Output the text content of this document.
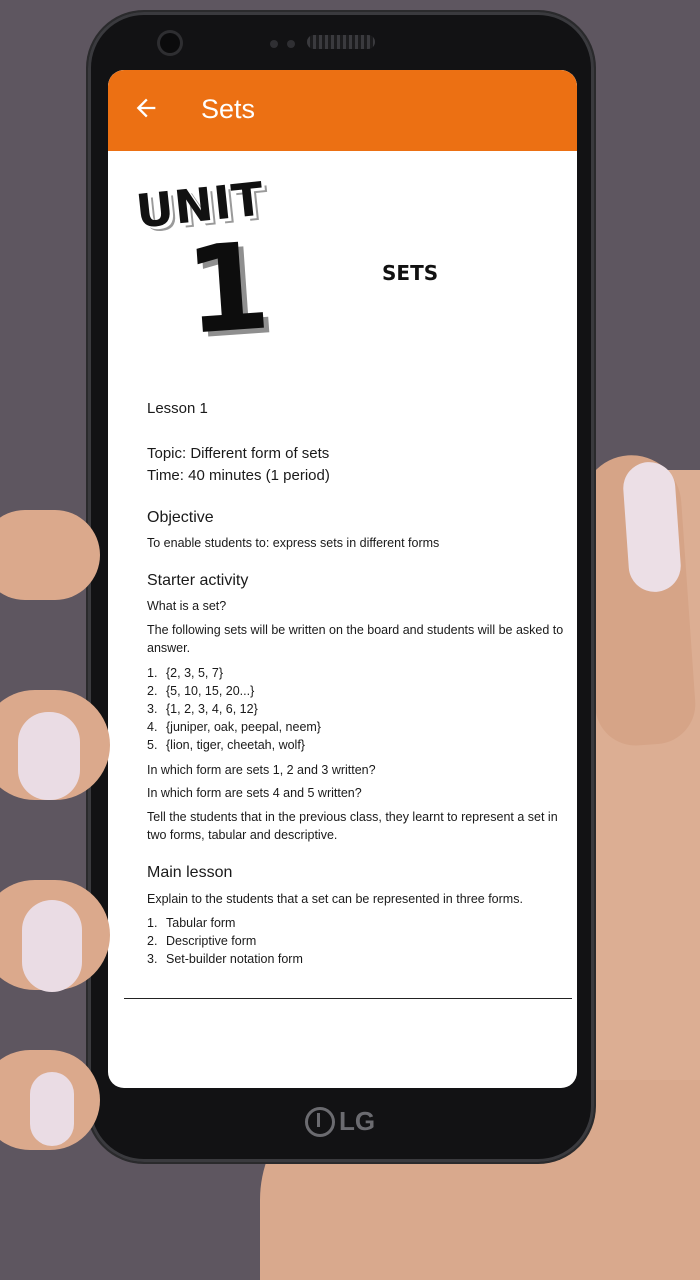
LG
Sets
UNIT
1	SETS
Lesson 1
Topic: Different form of sets
Time: 40 minutes (1 period)
Objective
To enable students to: express sets in different forms
Starter activity
What is a set?
The following sets will be written on the board and students will be asked to answer.
1. {2, 3, 5, 7}
2. {5, 10, 15, 20...}
3. {1, 2, 3, 4, 6, 12}
4. {juniper, oak, peepal, neem}
5. {lion, tiger, cheetah, wolf}
In which form are sets 1, 2 and 3 written?
In which form are sets 4 and 5 written?
Tell the students that in the previous class, they learnt to represent a set in two forms, tabular and descriptive.
Main lesson
Explain to the students that a set can be represented in three forms.
1. Tabular form
2. Descriptive form
3. Set-builder notation form
